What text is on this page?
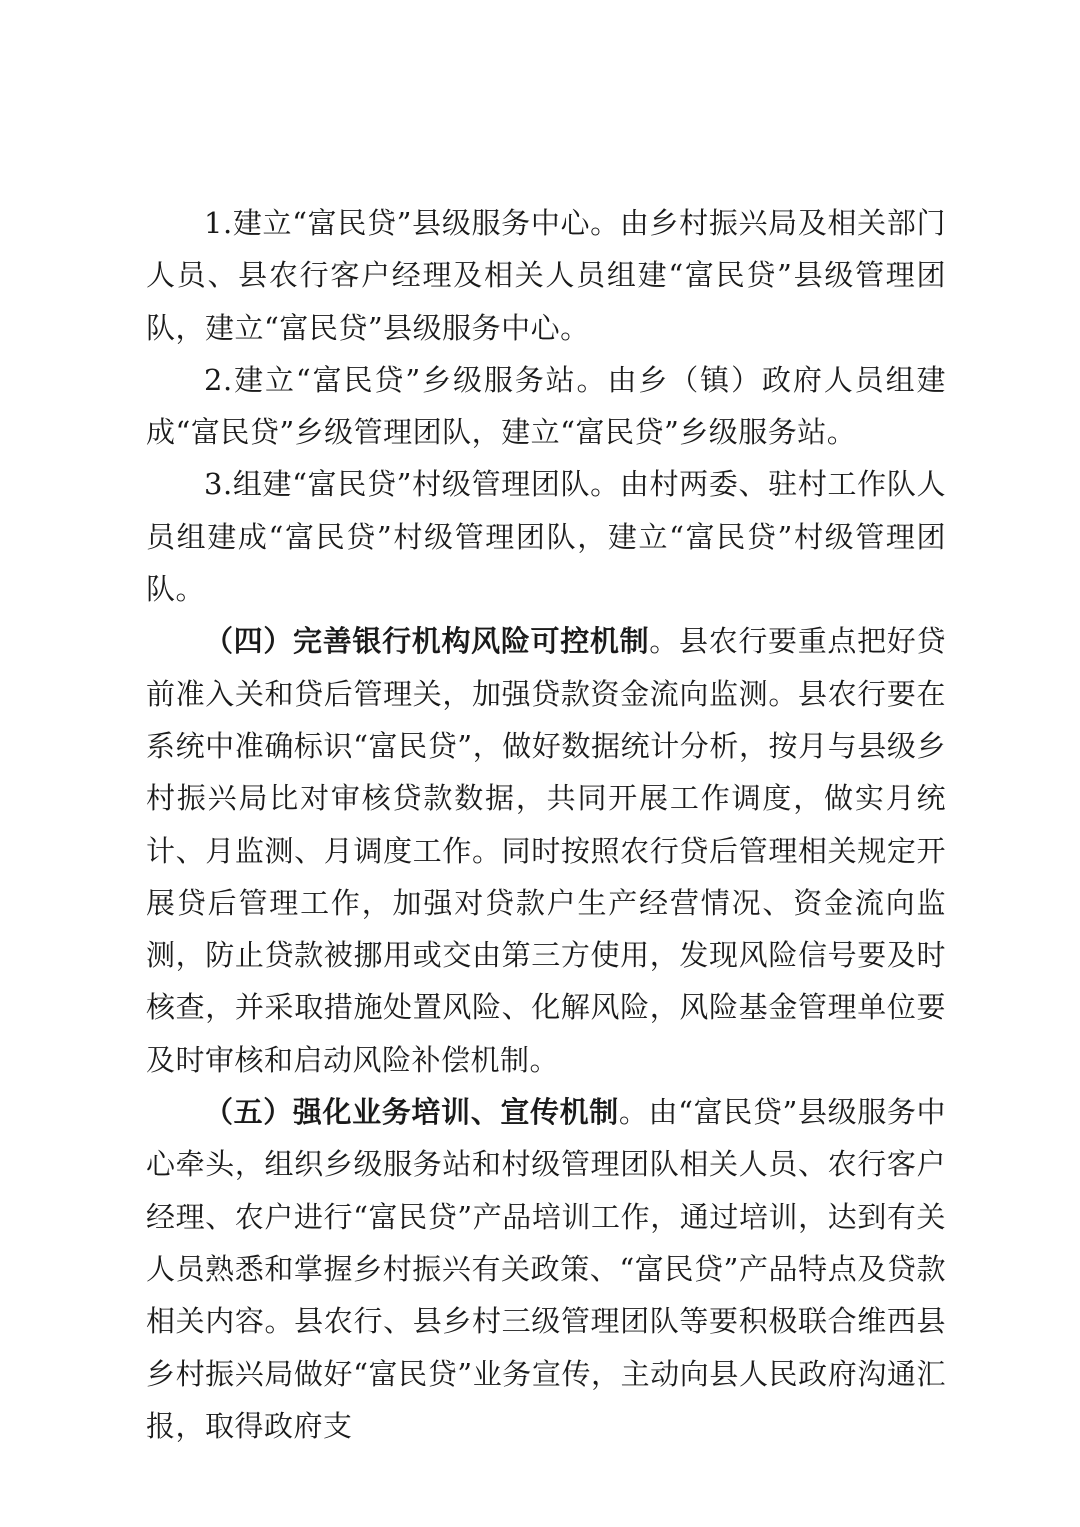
1.建立“富民贷”县级服务中心。由乡村振兴局及相关部门人员、县农行客户经理及相关人员组建“富民贷”县级管理团队，建立“富民贷”县级服务中心。

2.建立“富民贷”乡级服务站。由乡（镇）政府人员组建成“富民贷”乡级管理团队，建立“富民贷”乡级服务站。

3.组建“富民贷”村级管理团队。由村两委、驻村工作队人员组建成“富民贷”村级管理团队，建立“富民贷”村级管理团队。

（四）完善银行机构风险可控机制。县农行要重点把好贷前准入关和贷后管理关，加强贷款资金流向监测。县农行要在系统中准确标识“富民贷”，做好数据统计分析，按月与县级乡村振兴局比对审核贷款数据，共同开展工作调度，做实月统计、月监测、月调度工作。同时按照农行贷后管理相关规定开展贷后管理工作，加强对贷款户生产经营情况、资金流向监测，防止贷款被挪用或交由第三方使用，发现风险信号要及时核查，并采取措施处置风险、化解风险，风险基金管理单位要及时审核和启动风险补偿机制。

（五）强化业务培训、宣传机制。由“富民贷”县级服务中心牵头，组织乡级服务站和村级管理团队相关人员、农行客户经理、农户进行“富民贷”产品培训工作，通过培训，达到有关人员熟悉和掌握乡村振兴有关政策、“富民贷”产品特点及贷款相关内容。县农行、县乡村三级管理团队等要积极联合维西县乡村振兴局做好“富民贷”业务宣传，主动向县人民政府沟通汇报，取得政府支
